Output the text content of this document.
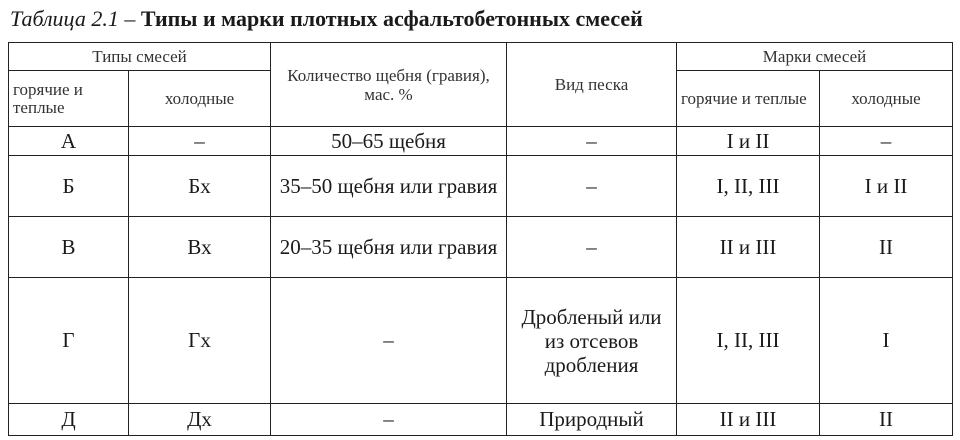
Таблица 2.1 – Типы и марки плотных асфальтобетонных смесей
Типы смесей		Количество щебня (гравия), мас. %	Вид песка	Марки смесей	
горячие и теплые	холодные			горячие и теплые	холодные
А	–	50–65 щебня	–	I и II	–
Б	Бх	35–50 щебня или гравия	–	I, II, III	I и II
В	Вх	20–35 щебня или гравия	–	II и III	II
Г	Гх	–	Дробленый или из отсевов дробления	I, II, III	I
Д	Дх	–	Природный	II и III	II
